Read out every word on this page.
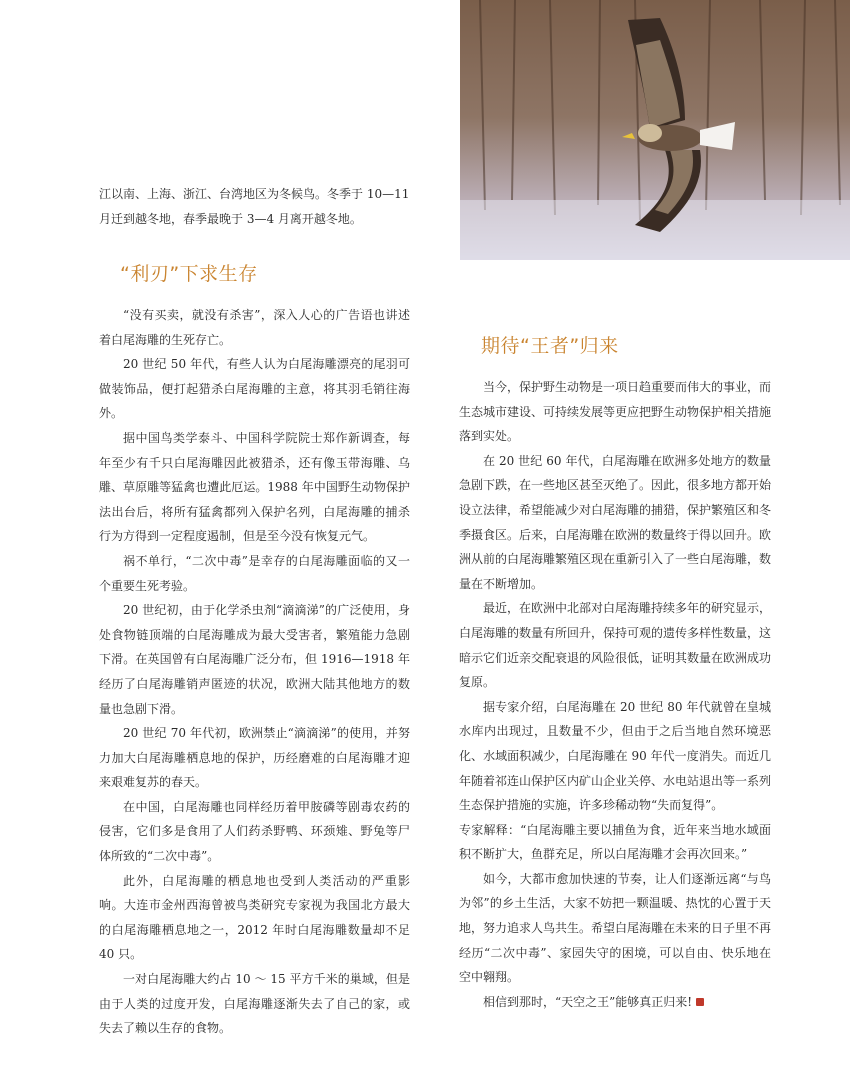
江以南、上海、浙江、台湾地区为冬候鸟。冬季于 10—11

月迁到越冬地，春季最晚于 3—4 月离开越冬地。

“利刃”下求生存

“没有买卖，就没有杀害”，深入人心的广告语也讲述着白尾海雕的生死存亡。

20 世纪 50 年代，有些人认为白尾海雕漂亮的尾羽可做装饰品，便打起猎杀白尾海雕的主意，将其羽毛销往海外。

据中国鸟类学泰斗、中国科学院院士郑作新调查，每年至少有千只白尾海雕因此被猎杀，还有像玉带海雕、乌雕、草原雕等猛禽也遭此厄运。1988 年中国野生动物保护法出台后，将所有猛禽都列入保护名列，白尾海雕的捕杀行为方得到一定程度遏制，但是至今没有恢复元气。

祸不单行，“二次中毒”是幸存的白尾海雕面临的又一个重要生死考验。

20 世纪初，由于化学杀虫剂“滴滴涕”的广泛使用，身处食物链顶端的白尾海雕成为最大受害者，繁殖能力急剧下滑。在英国曾有白尾海雕广泛分布，但 1916—1918 年经历了白尾海雕销声匿迹的状况，欧洲大陆其他地方的数量也急剧下滑。

20 世纪 70 年代初，欧洲禁止“滴滴涕”的使用，并努力加大白尾海雕栖息地的保护，历经磨难的白尾海雕才迎来艰难复苏的春天。

在中国，白尾海雕也同样经历着甲胺磷等剧毒农药的侵害，它们多是食用了人们药杀野鸭、环颈雉、野兔等尸体所致的“二次中毒”。

此外，白尾海雕的栖息地也受到人类活动的严重影响。大连市金州西海曾被鸟类研究专家视为我国北方最大的白尾海雕栖息地之一，2012 年时白尾海雕数量却不足 40 只。

一对白尾海雕大约占 10 ～ 15 平方千米的巢域，但是由于人类的过度开发，白尾海雕逐渐失去了自己的家，或失去了赖以生存的食物。

期待“王者”归来

当今，保护野生动物是一项日趋重要而伟大的事业，而生态城市建设、可持续发展等更应把野生动物保护相关措施落到实处。

在 20 世纪 60 年代，白尾海雕在欧洲多处地方的数量急剧下跌，在一些地区甚至灭绝了。因此，很多地方都开始设立法律，希望能减少对白尾海雕的捕猎，保护繁殖区和冬季摄食区。后来，白尾海雕在欧洲的数量终于得以回升。欧洲从前的白尾海雕繁殖区现在重新引入了一些白尾海雕，数量在不断增加。

最近，在欧洲中北部对白尾海雕持续多年的研究显示，白尾海雕的数量有所回升，保持可观的遗传多样性数量，这暗示它们近亲交配衰退的风险很低，证明其数量在欧洲成功复原。

据专家介绍，白尾海雕在 20 世纪 80 年代就曾在皇城水库内出现过，且数量不少，但由于之后当地自然环境恶化、水域面积减少，白尾海雕在 90 年代一度消失。而近几年随着祁连山保护区内矿山企业关停、水电站退出等一系列生态保护措施的实施，许多珍稀动物“失而复得”。

专家解释：“白尾海雕主要以捕鱼为食，近年来当地水域面积不断扩大，鱼群充足，所以白尾海雕才会再次回来。”

如今，大都市愈加快速的节奏，让人们逐渐远离“与鸟为邻”的乡土生活，大家不妨把一颗温暖、热忱的心置于天地，努力追求人鸟共生。希望白尾海雕在未来的日子里不再经历“二次中毒”、家园失守的困境，可以自由、快乐地在空中翱翔。

相信到那时，“天空之王”能够真正归来!
